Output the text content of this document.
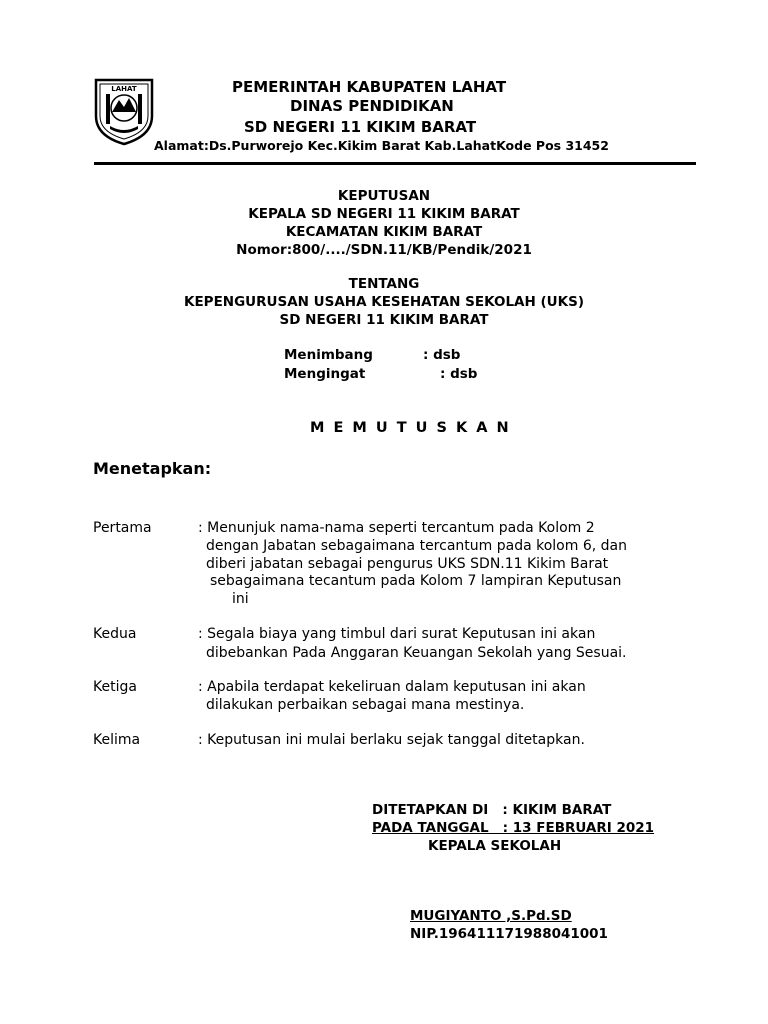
LAHAT	PEMERINTAH KABUPATEN LAHAT
DINAS PENDIDIKAN
SD NEGERI 11 KIKIM BARAT
Alamat:Ds.Purworejo Kec.Kikim Barat Kab.LahatKode Pos 31452
KEPUTUSAN
KEPALA SD NEGERI 11 KIKIM BARAT
KECAMATAN KIKIM BARAT
Nomor:800/..../SDN.11/KB/Pendik/2021
TENTANG
KEPENGURUSAN USAHA KESEHATAN SEKOLAH (UKS)
SD NEGERI 11 KIKIM BARAT
Menimbang	: dsb
Mengingat	: dsb
M E M U T U S K A N
Menetapkan:
Pertama	: Menunjuk nama-nama seperti tercantum pada Kolom 2
dengan Jabatan sebagaimana tercantum pada kolom 6, dan
diberi jabatan sebagai pengurus UKS SDN.11 Kikim Barat
sebagaimana tecantum pada Kolom 7 lampiran Keputusan
ini
Kedua	: Segala biaya yang timbul dari surat Keputusan ini akan
dibebankan Pada Anggaran Keuangan Sekolah yang Sesuai.
Ketiga	: Apabila terdapat kekeliruan dalam keputusan ini akan
dilakukan perbaikan sebagai mana mestinya.
Kelima	: Keputusan ini mulai berlaku sejak tanggal ditetapkan.
DITETAPKAN DI   : KIKIM BARAT
PADA TANGGAL   : 13 FEBRUARI 2021
KEPALA SEKOLAH
MUGIYANTO ,S.Pd.SD
NIP.196411171988041001
